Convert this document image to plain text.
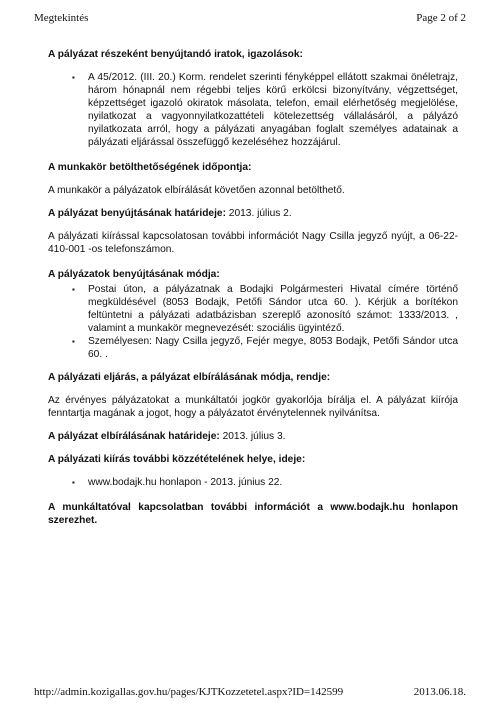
Megtekintés	Page 2 of 2

A pályázat részeként benyújtandó iratok, igazolások:

▪ A 45/2012. (III. 20.) Korm. rendelet szerinti fényképpel ellátott szakmai önéletrajz, három hónapnál nem régebbi teljes körű erkölcsi bizonyítvány, végzettséget, képzettséget igazoló okiratok másolata, telefon, email elérhetőség megjelölése, nyilatkozat a vagyonnyilatkozattételi kötelezettség vállalásáról, a pályázó nyilatkozata arról, hogy a pályázati anyagában foglalt személyes adatainak a pályázati eljárással összefüggő kezeléséhez hozzájárul.

A munkakör betölthetőségének időpontja:

A munkakör a pályázatok elbírálását követően azonnal betölthető.

A pályázat benyújtásának határideje: 2013. július 2.

A pályázati kiírással kapcsolatosan további információt Nagy Csilla jegyző nyújt, a 06-22-410-001 -os telefonszámon.

A pályázatok benyújtásának módja:

▪ Postai úton, a pályázatnak a Bodajki Polgármesteri Hivatal címére történő megküldésével (8053 Bodajk, Petőfi Sándor utca 60. ). Kérjük a borítékon feltüntetni a pályázati adatbázisban szereplő azonosító számot: 1333/2013. , valamint a munkakör megnevezését: szociális ügyintéző.
▪ Személyesen: Nagy Csilla jegyző, Fejér megye, 8053 Bodajk, Petőfi Sándor utca 60. .

A pályázati eljárás, a pályázat elbírálásának módja, rendje:

Az érvényes pályázatokat a munkáltatói jogkör gyakorlója bírálja el. A pályázat kiírója fenntartja magának a jogot, hogy a pályázatot érvénytelennek nyilvánítsa.

A pályázat elbírálásának határideje: 2013. július 3.

A pályázati kiírás további közzétételének helye, ideje:

▪ www.bodajk.hu honlapon - 2013. június 22.

A munkáltatóval kapcsolatban további információt a www.bodajk.hu honlapon szerezhet.

http://admin.kozigallas.gov.hu/pages/KJTKozzetetel.aspx?ID=142599	2013.06.18.
